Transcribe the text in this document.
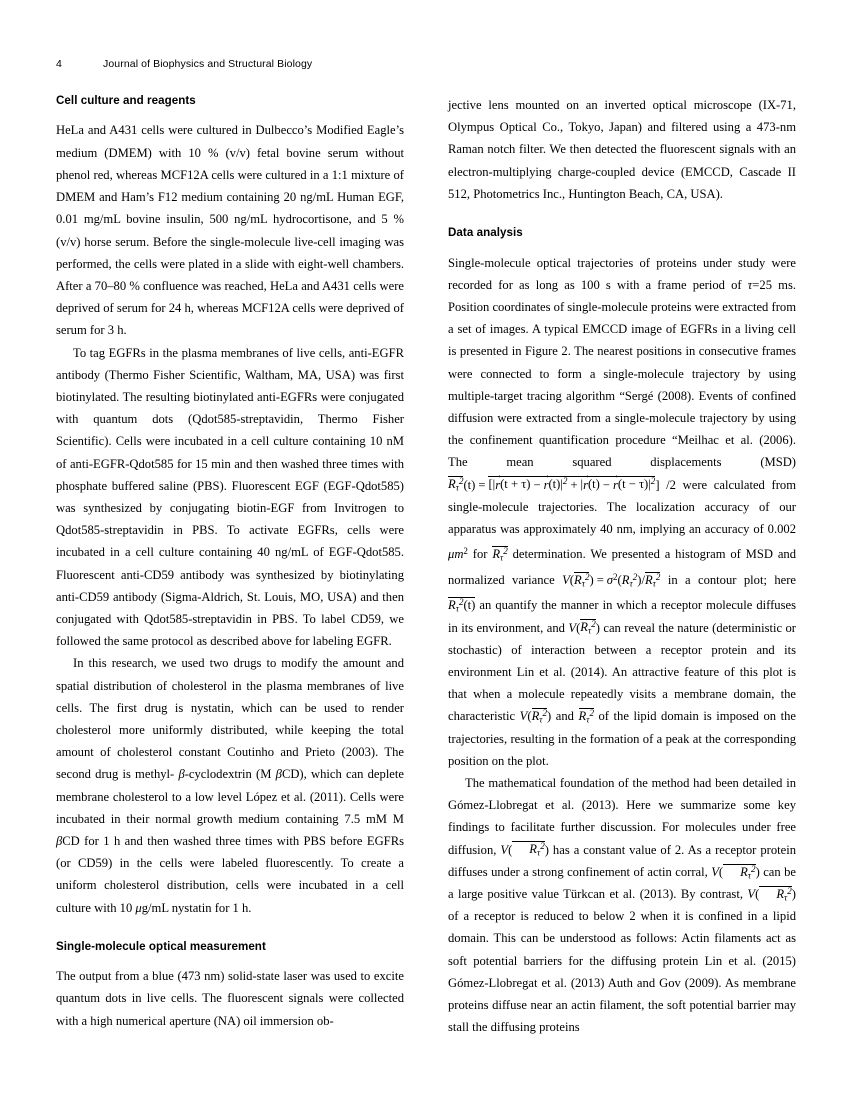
4	Journal of Biophysics and Structural Biology
Cell culture and reagents

HeLa and A431 cells were cultured in Dulbecco’s Modified Eagle’s medium (DMEM) with 10 % (v/v) fetal bovine serum without phenol red, whereas MCF12A cells were cultured in a 1:1 mixture of DMEM and Ham’s F12 medium containing 20 ng/mL Human EGF, 0.01 mg/mL bovine insulin, 500 ng/mL hydrocortisone, and 5 %(v/v) horse serum. Before the single-molecule live-cell imaging was performed, the cells were plated in a slide with eight-well chambers. After a 70–80 % confluence was reached, HeLa and A431 cells were deprived of serum for 24 h, whereas MCF12A cells were deprived of serum for 3 h.

To tag EGFRs in the plasma membranes of live cells, anti-EGFR antibody (Thermo Fisher Scientific, Waltham, MA, USA) was first biotinylated. The resulting biotinylated anti-EGFRs were conjugated with quantum dots (Qdot585-streptavidin, Thermo Fisher Scientific). Cells were incubated in a cell culture containing 10 nM of anti-EGFR-Qdot585 for 15 min and then washed three times with phosphate buffered saline (PBS). Fluorescent EGF (EGF-Qdot585) was synthesized by conjugating biotin-EGF from Invitrogen to Qdot585-streptavidin in PBS. To activate EGFRs, cells were incubated in a cell culture containing 40 ng/mL of EGF-Qdot585. Fluorescent anti-CD59 antibody was synthesized by biotinylating anti-CD59 antibody (Sigma-Aldrich, St. Louis, MO, USA) and then conjugated with Qdot585-streptavidin in PBS. To label CD59, we followed the same protocol as described above for labeling EGFR.

In this research, we used two drugs to modify the amount and spatial distribution of cholesterol in the plasma membranes of live cells. The first drug is nystatin, which can be used to render cholesterol more uniformly distributed, while keeping the total amount of cholesterol constant Coutinho and Prieto (2003). The second drug is methyl- β-cyclodextrin (M βCD), which can deplete membrane cholesterol to a low level López et al. (2011). Cells were incubated in their normal growth medium containing 7.5 mM M βCD for 1 h and then washed three times with PBS before EGFRs (or CD59) in the cells were labeled fluorescently. To create a uniform cholesterol distribution, cells were incubated in a cell culture with 10 μg/mL nystatin for 1 h.

Single-molecule optical measurement

The output from a blue (473 nm) solid-state laser was used to excite quantum dots in live cells. The fluorescent signals were collected with a high numerical aperture (NA) oil immersion ob-

jective lens mounted on an inverted optical microscope (IX-71, Olympus Optical Co., Tokyo, Japan) and filtered using a 473-nm Raman notch filter. We then detected the fluorescent signals with an electron-multiplying charge-coupled device (EMCCD, Cascade II 512, Photometrics Inc., Huntington Beach, CA, USA).

Data analysis

Single-molecule optical trajectories of proteins under study were recorded for as long as 100 s with a frame period of τ=25 ms. Position coordinates of single-molecule proteins were extracted from a set of images. A typical EMCCD image of EGFRs in a living cell is presented in Figure 2. The nearest positions in consecutive frames were connected to form a single-molecule trajectory by using multiple-target tracing algorithm “Sergé (2008). Events of confined diffusion were extracted from a single-molecule trajectory by using the confinement quantification procedure “Meilhac et al. (2006). The mean squared displacements (MSD) $R_\tau^2(t) = [|r \to(t + \tau) - r \to(t)|^2 + |r \to(t) - r \to(t - \tau)|^2]$ /2 were calculated from single-molecule trajectories. The localization accuracy of our apparatus was approximately 40 nm, implying an accuracy of 0.002 $\mu m^2$ for $R_\tau^2$ determination. We presented a histogram of MSD and normalized variance $V(R_\tau^2) = \sigma^2(R_\tau^2)/R_\tau^2$ in a contour plot; here $R_\tau^2(t)$ an quantify the manner in which a receptor molecule diffuses in its environment, and $V(R_\tau^2)$ can reveal the nature (deterministic or stochastic) of interaction between a receptor protein and its environment Lin et al. (2014). An attractive feature of this plot is that when a molecule repeatedly visits a membrane domain, the characteristic $V(R_\tau^2)$ and $R_\tau^2$ of the lipid domain is imposed on the trajectories, resulting in the formation of a peak at the corresponding position on the plot.

The mathematical foundation of the method had been detailed in Gómez-Llobregat et al. (2013). Here we summarize some key findings to facilitate further discussion. For molecules under free diffusion, V( $R_\tau^2$) has a constant value of 2. As a receptor protein diffuses under a strong confinement of actin corral, V( $R_\tau^2$) can be a large positive value Türkcan et al. (2013). By contrast, V( $R_\tau^2$) of a receptor is reduced to below 2 when it is confined in a lipid domain. This can be understood as follows: Actin filaments act as soft potential barriers for the diffusing protein Lin et al. (2015) Gómez-Llobregat et al. (2013) Auth and Gov (2009). As membrane proteins diffuse near an actin filament, the soft potential barrier may stall the diffusing proteins
